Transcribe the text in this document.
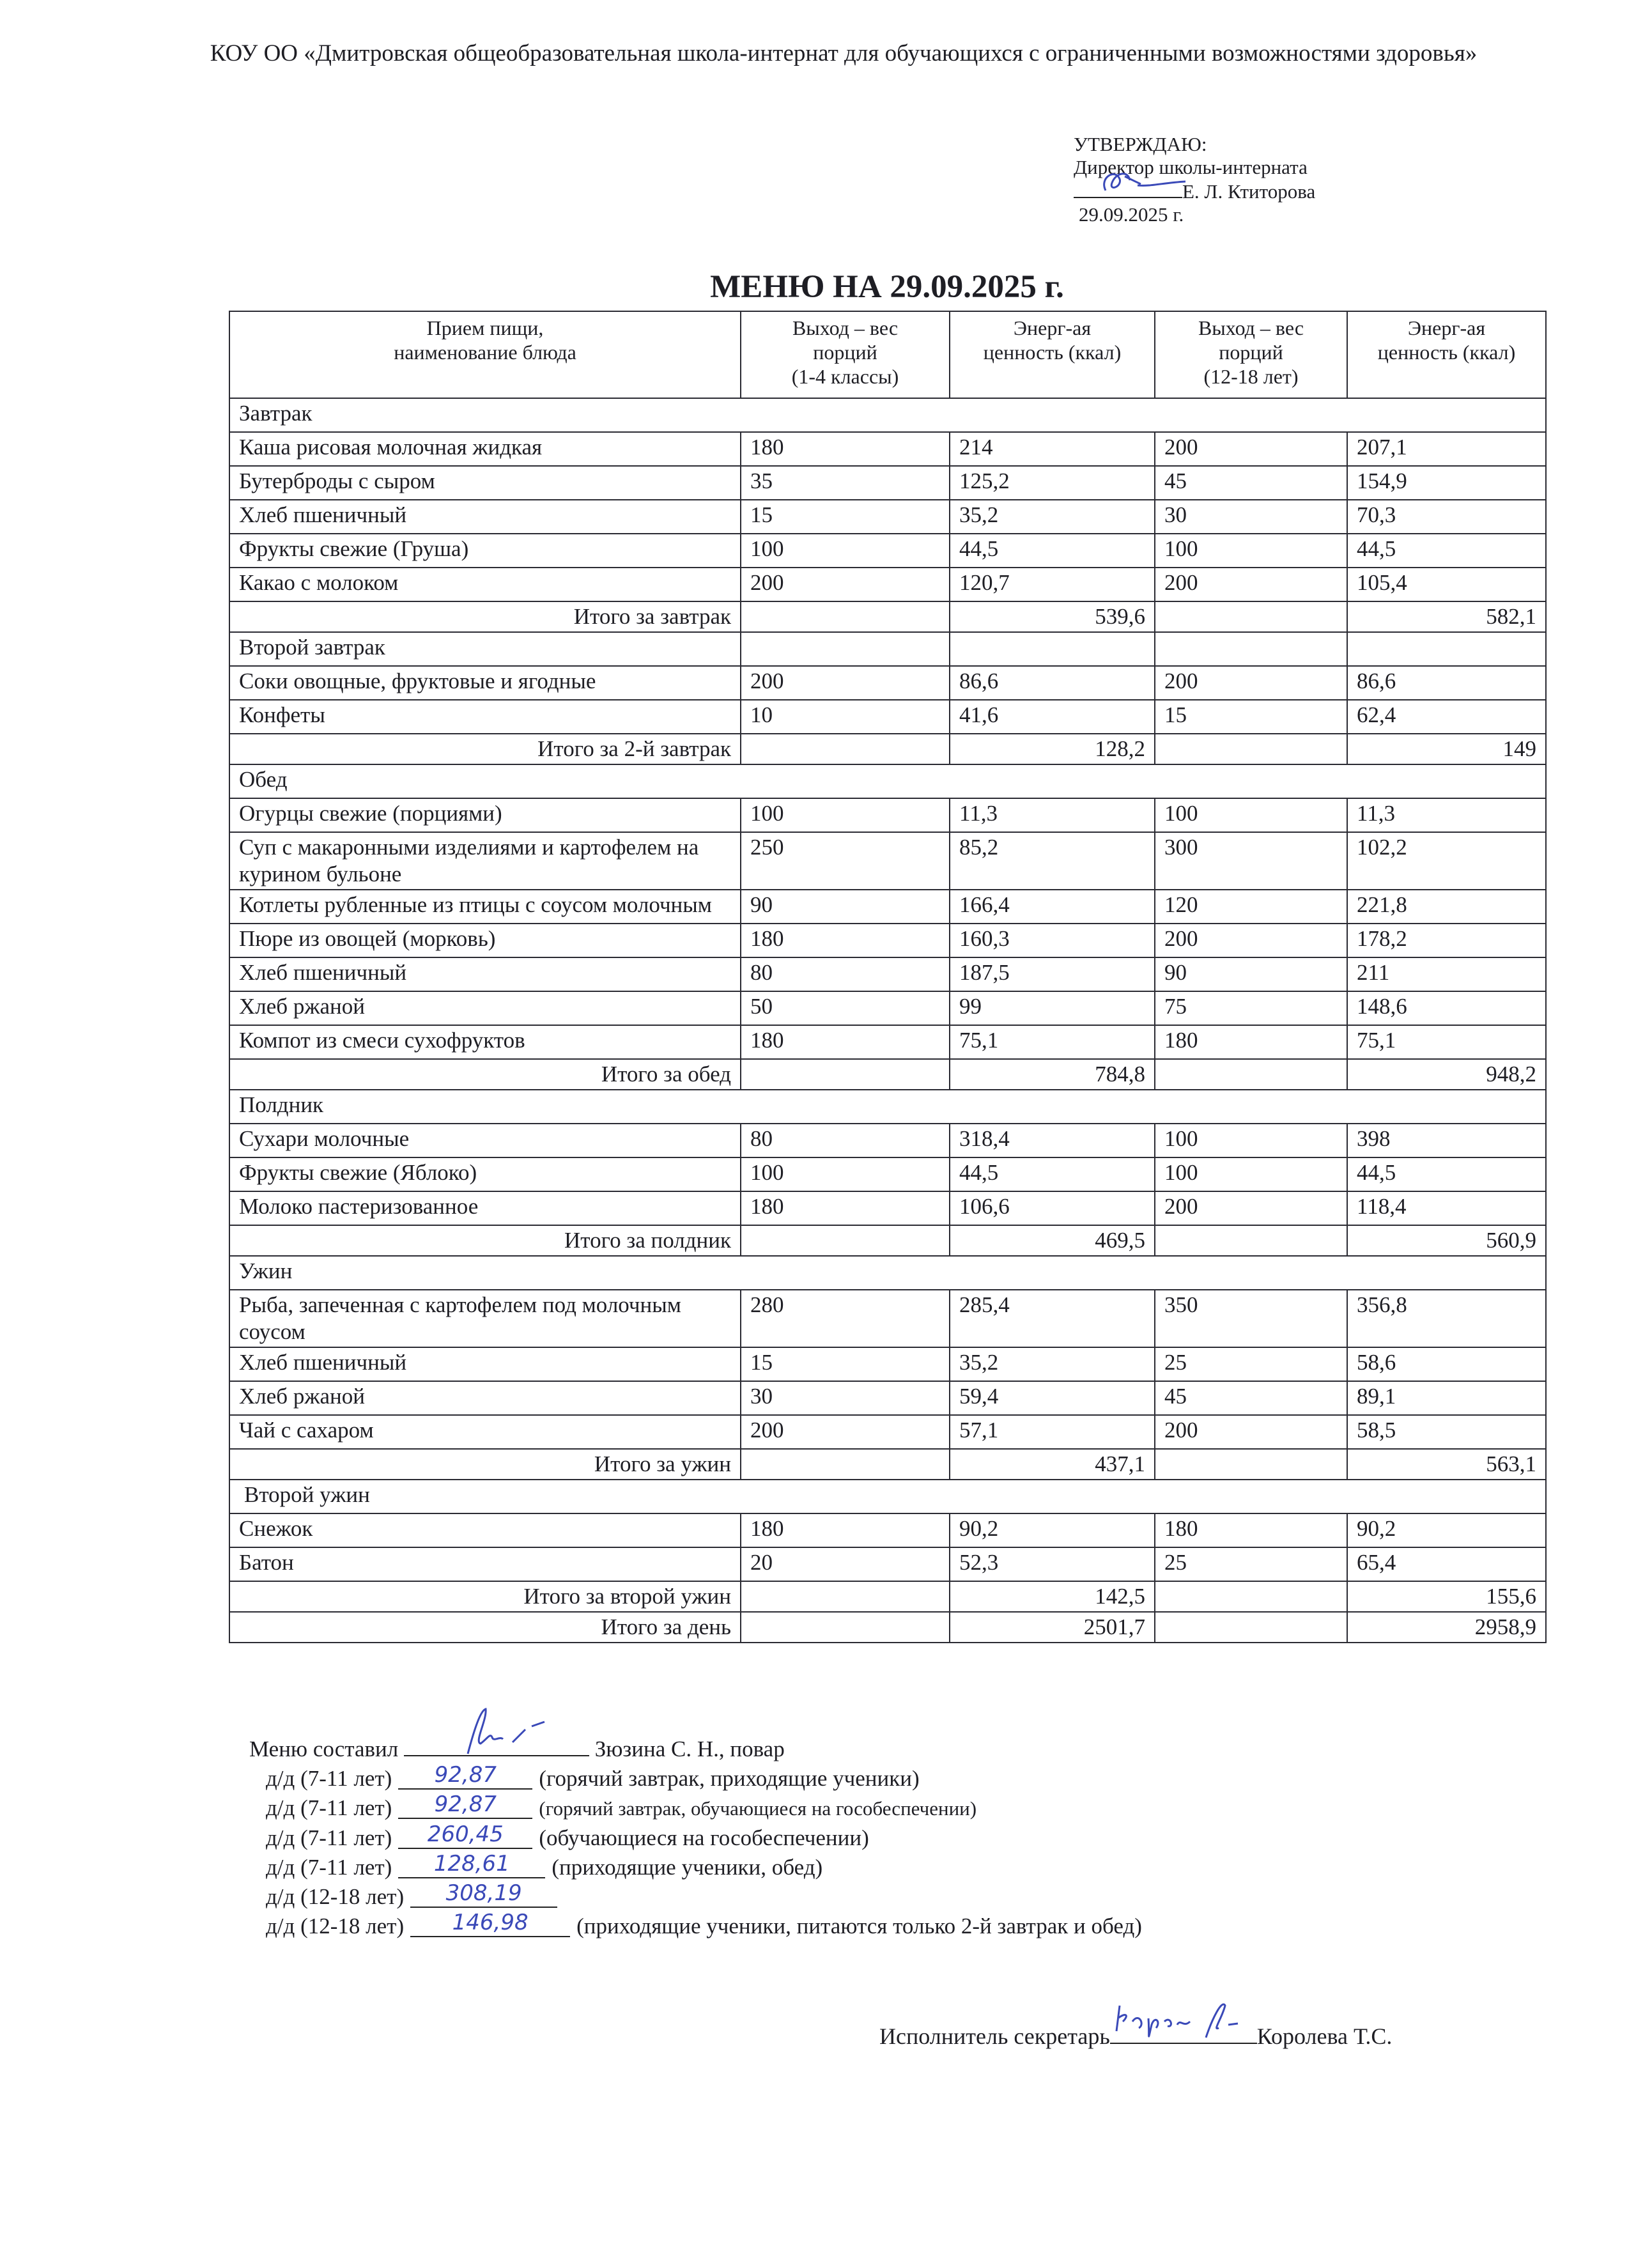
КОУ ОО «Дмитровская общеобразовательная школа-интернат для обучающихся с ограниченными возможностями здоровья»
УТВЕРЖДАЮ:
Директор школы-интерната
Е. Л. Ктиторова
29.09.2025 г.
МЕНЮ НА 29.09.2025 г.
Прием пищи,
наименование блюда

Выход – вес
порций
(1-4 классы)

Энерг-ая
ценность (ккал)

Выход – вес
порций
(12-18 лет)

Энерг-ая
ценность (ккал)

Завтрак				
Каша рисовая молочная жидкая	180	214	200	207,1
Бутерброды с сыром	35	125,2	45	154,9
Хлеб пшеничный	15	35,2	30	70,3
Фрукты свежие (Груша)	100	44,5	100	44,5
Какао с молоком	200	120,7	200	105,4
Итого за завтрак		539,6		582,1
Второй завтрак				
Соки овощные, фруктовые и ягодные	200	86,6	200	86,6
Конфеты	10	41,6	15	62,4
Итого за 2-й завтрак		128,2		149
Обед				
Огурцы свежие (порциями)	100	11,3	100	11,3
Суп с макаронными изделиями и картофелем на курином бульоне	250	85,2	300	102,2
Котлеты рубленные из птицы с соусом молочным	90	166,4	120	221,8
Пюре из овощей (морковь)	180	160,3	200	178,2
Хлеб пшеничный	80	187,5	90	211
Хлеб ржаной	50	99	75	148,6
Компот из смеси сухофруктов	180	75,1	180	75,1
Итого за обед		784,8		948,2
Полдник				
Сухари молочные	80	318,4	100	398
Фрукты свежие (Яблоко)	100	44,5	100	44,5
Молоко пастеризованное	180	106,6	200	118,4
Итого за полдник		469,5		560,9
Ужин				
Рыба, запеченная с картофелем под молочным соусом	280	285,4	350	356,8
Хлеб пшеничный	15	35,2	25	58,6
Хлеб ржаной	30	59,4	45	89,1
Чай с сахаром	200	57,1	200	58,5
Итого за ужин		437,1		563,1
Второй ужин				
Снежок	180	90,2	180	90,2
Батон	20	52,3	25	65,4
Итого за второй ужин		142,5		155,6
Итого за день		2501,7		2958,9
Меню составил	Зюзина С. Н., повар
д/д (7-11 лет) 92,87 (горячий завтрак, приходящие ученики)
д/д (7-11 лет) 92,87 (горячий завтрак, обучающиеся на гособеспечении)
д/д (7-11 лет) 260,45 (обучающиеся на гособеспечении)
д/д (7-11 лет) 128,61 (приходящие ученики, обед)
д/д (12-18 лет) 308,19
д/д (12-18 лет) 146,98 (приходящие ученики, питаются только 2-й завтрак и обед)
Исполнитель секретарь	Королева Т.С.
